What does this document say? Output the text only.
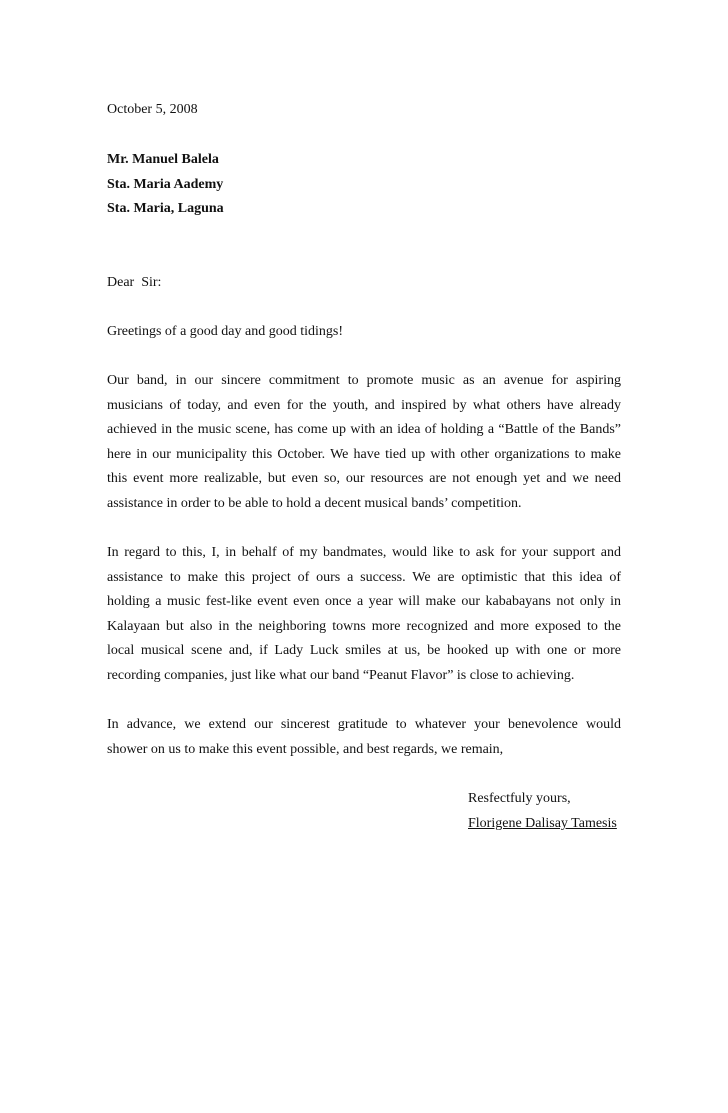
October 5, 2008

Mr. Manuel Balela
Sta. Maria Aademy
Sta. Maria, Laguna

Dear  Sir:

Greetings of a good day and good tidings!

Our band, in our sincere commitment to promote music as an avenue for aspiring
musicians of today, and even for the youth, and inspired by what others have already
achieved in the music scene, has come up with an idea of holding a “Battle of the Bands”
here in our municipality this October. We have tied up with other organizations to make
this event more realizable, but even so, our resources are not enough yet and we need
assistance in order to be able to hold a decent musical bands’ competition.
In regard to this, I, in behalf of my bandmates, would like to ask for your support and
assistance to make this project of ours a success. We are optimistic that this idea of
holding a music fest-like event even once a year will make our kababayans not only in
Kalayaan but also in the neighboring towns more recognized and more exposed to the
local musical scene and, if Lady Luck smiles at us, be hooked up with one or more
recording companies, just like what our band “Peanut Flavor” is close to achieving.
In advance, we extend our sincerest gratitude to whatever your benevolence would
shower on us to make this event possible, and best regards, we remain,

Resfectfuly yours,

Florigene Dalisay Tamesis
